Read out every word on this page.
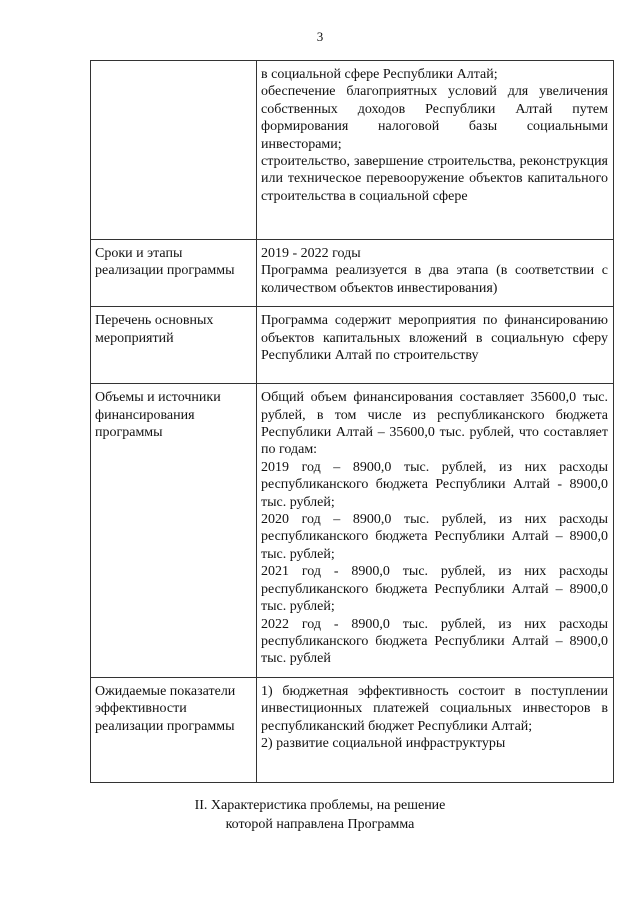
3

	в социальной сфере Республики Алтай;
обеспечение благоприятных условий для увеличения собственных доходов Республики Алтай путем формирования налоговой базы социальными инвесторами;
строительство, завершение строительства, реконструкция или техническое перевооружение объектов капитального строительства в социальной сфере

Сроки и этапы реализации программы	2019 - 2022 годы
Программа реализуется в два этапа (в соответствии с количеством объектов инвестирования)

Перечень основных мероприятий	Программа содержит мероприятия по финансированию объектов капитальных вложений в социальную сферу Республики Алтай по строительству

Объемы и источники финансирования программы	Общий объем финансирования составляет 35600,0 тыс. рублей, в том числе из республиканского бюджета Республики Алтай – 35600,0 тыс. рублей, что составляет по годам:
2019 год – 8900,0 тыс. рублей, из них расходы республиканского бюджета Республики Алтай - 8900,0 тыс. рублей;
2020 год – 8900,0 тыс. рублей, из них расходы республиканского бюджета Республики Алтай – 8900,0 тыс. рублей;
2021 год - 8900,0 тыс. рублей, из них расходы республиканского бюджета Республики Алтай – 8900,0 тыс. рублей;
2022 год - 8900,0 тыс. рублей, из них расходы республиканского бюджета Республики Алтай – 8900,0 тыс. рублей

Ожидаемые показатели эффективности реализации программы	1) бюджетная эффективность состоит в поступлении инвестиционных платежей социальных инвесторов в республиканский бюджет Республики Алтай;
2) развитие социальной инфраструктуры
II. Характеристика проблемы, на решение
которой направлена Программа
